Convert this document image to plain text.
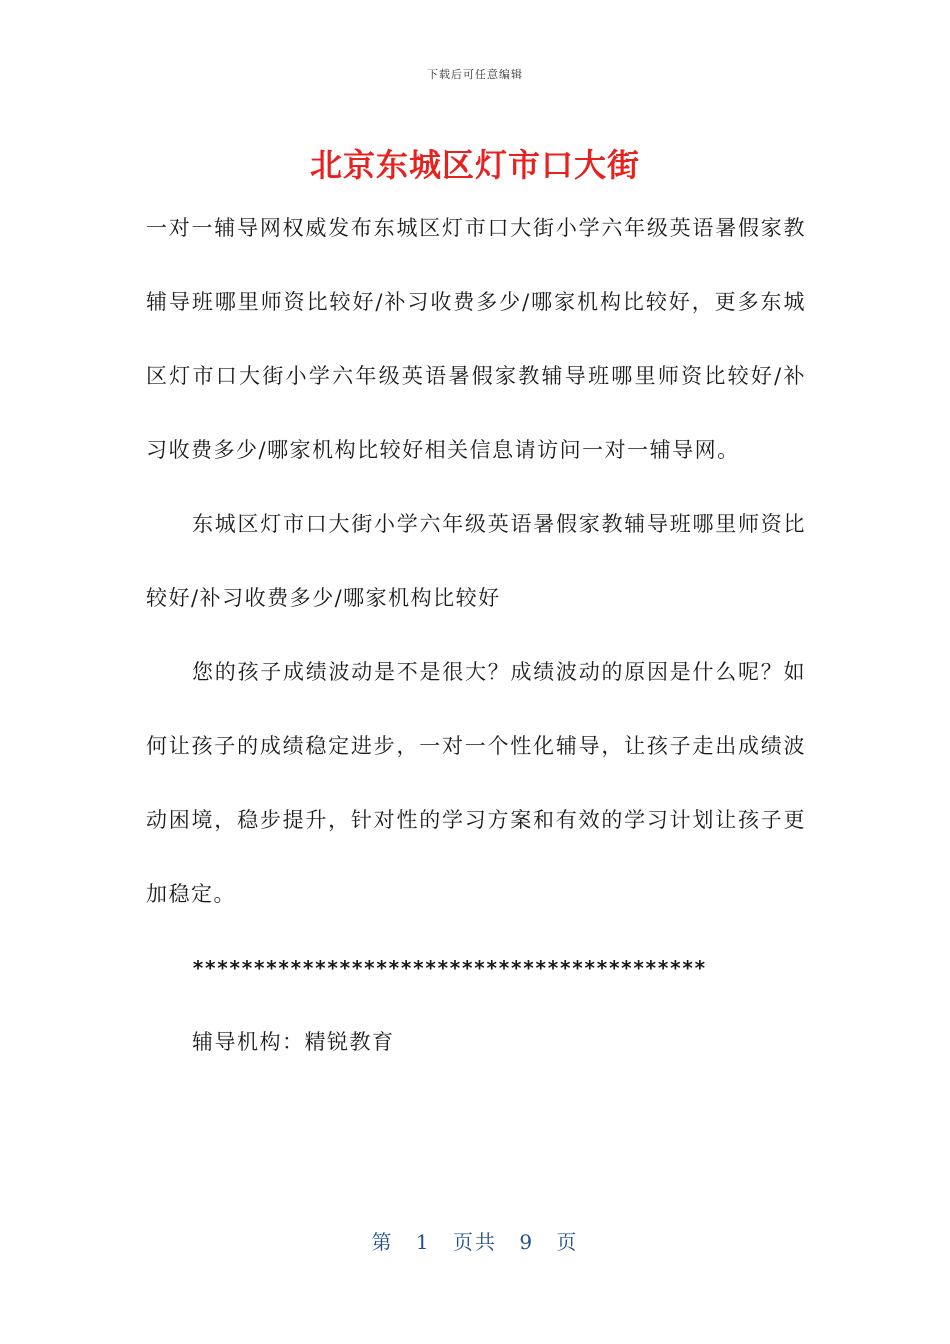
下载后可任意编辑
北京东城区灯市口大街

一对一辅导网权威发布东城区灯市口大街小学六年级英语暑假家教辅导班哪里师资比较好/补习收费多少/哪家机构比较好，更多东城区灯市口大街小学六年级英语暑假家教辅导班哪里师资比较好/补习收费多少/哪家机构比较好相关信息请访问一对一辅导网。

东城区灯市口大街小学六年级英语暑假家教辅导班哪里师资比较好/补习收费多少/哪家机构比较好

您的孩子成绩波动是不是很大？成绩波动的原因是什么呢？如何让孩子的成绩稳定进步，一对一个性化辅导，让孩子走出成绩波动困境，稳步提升，针对性的学习方案和有效的学习计划让孩子更加稳定。

******************************************

辅导机构：精锐教育

第 1 页共 9 页
